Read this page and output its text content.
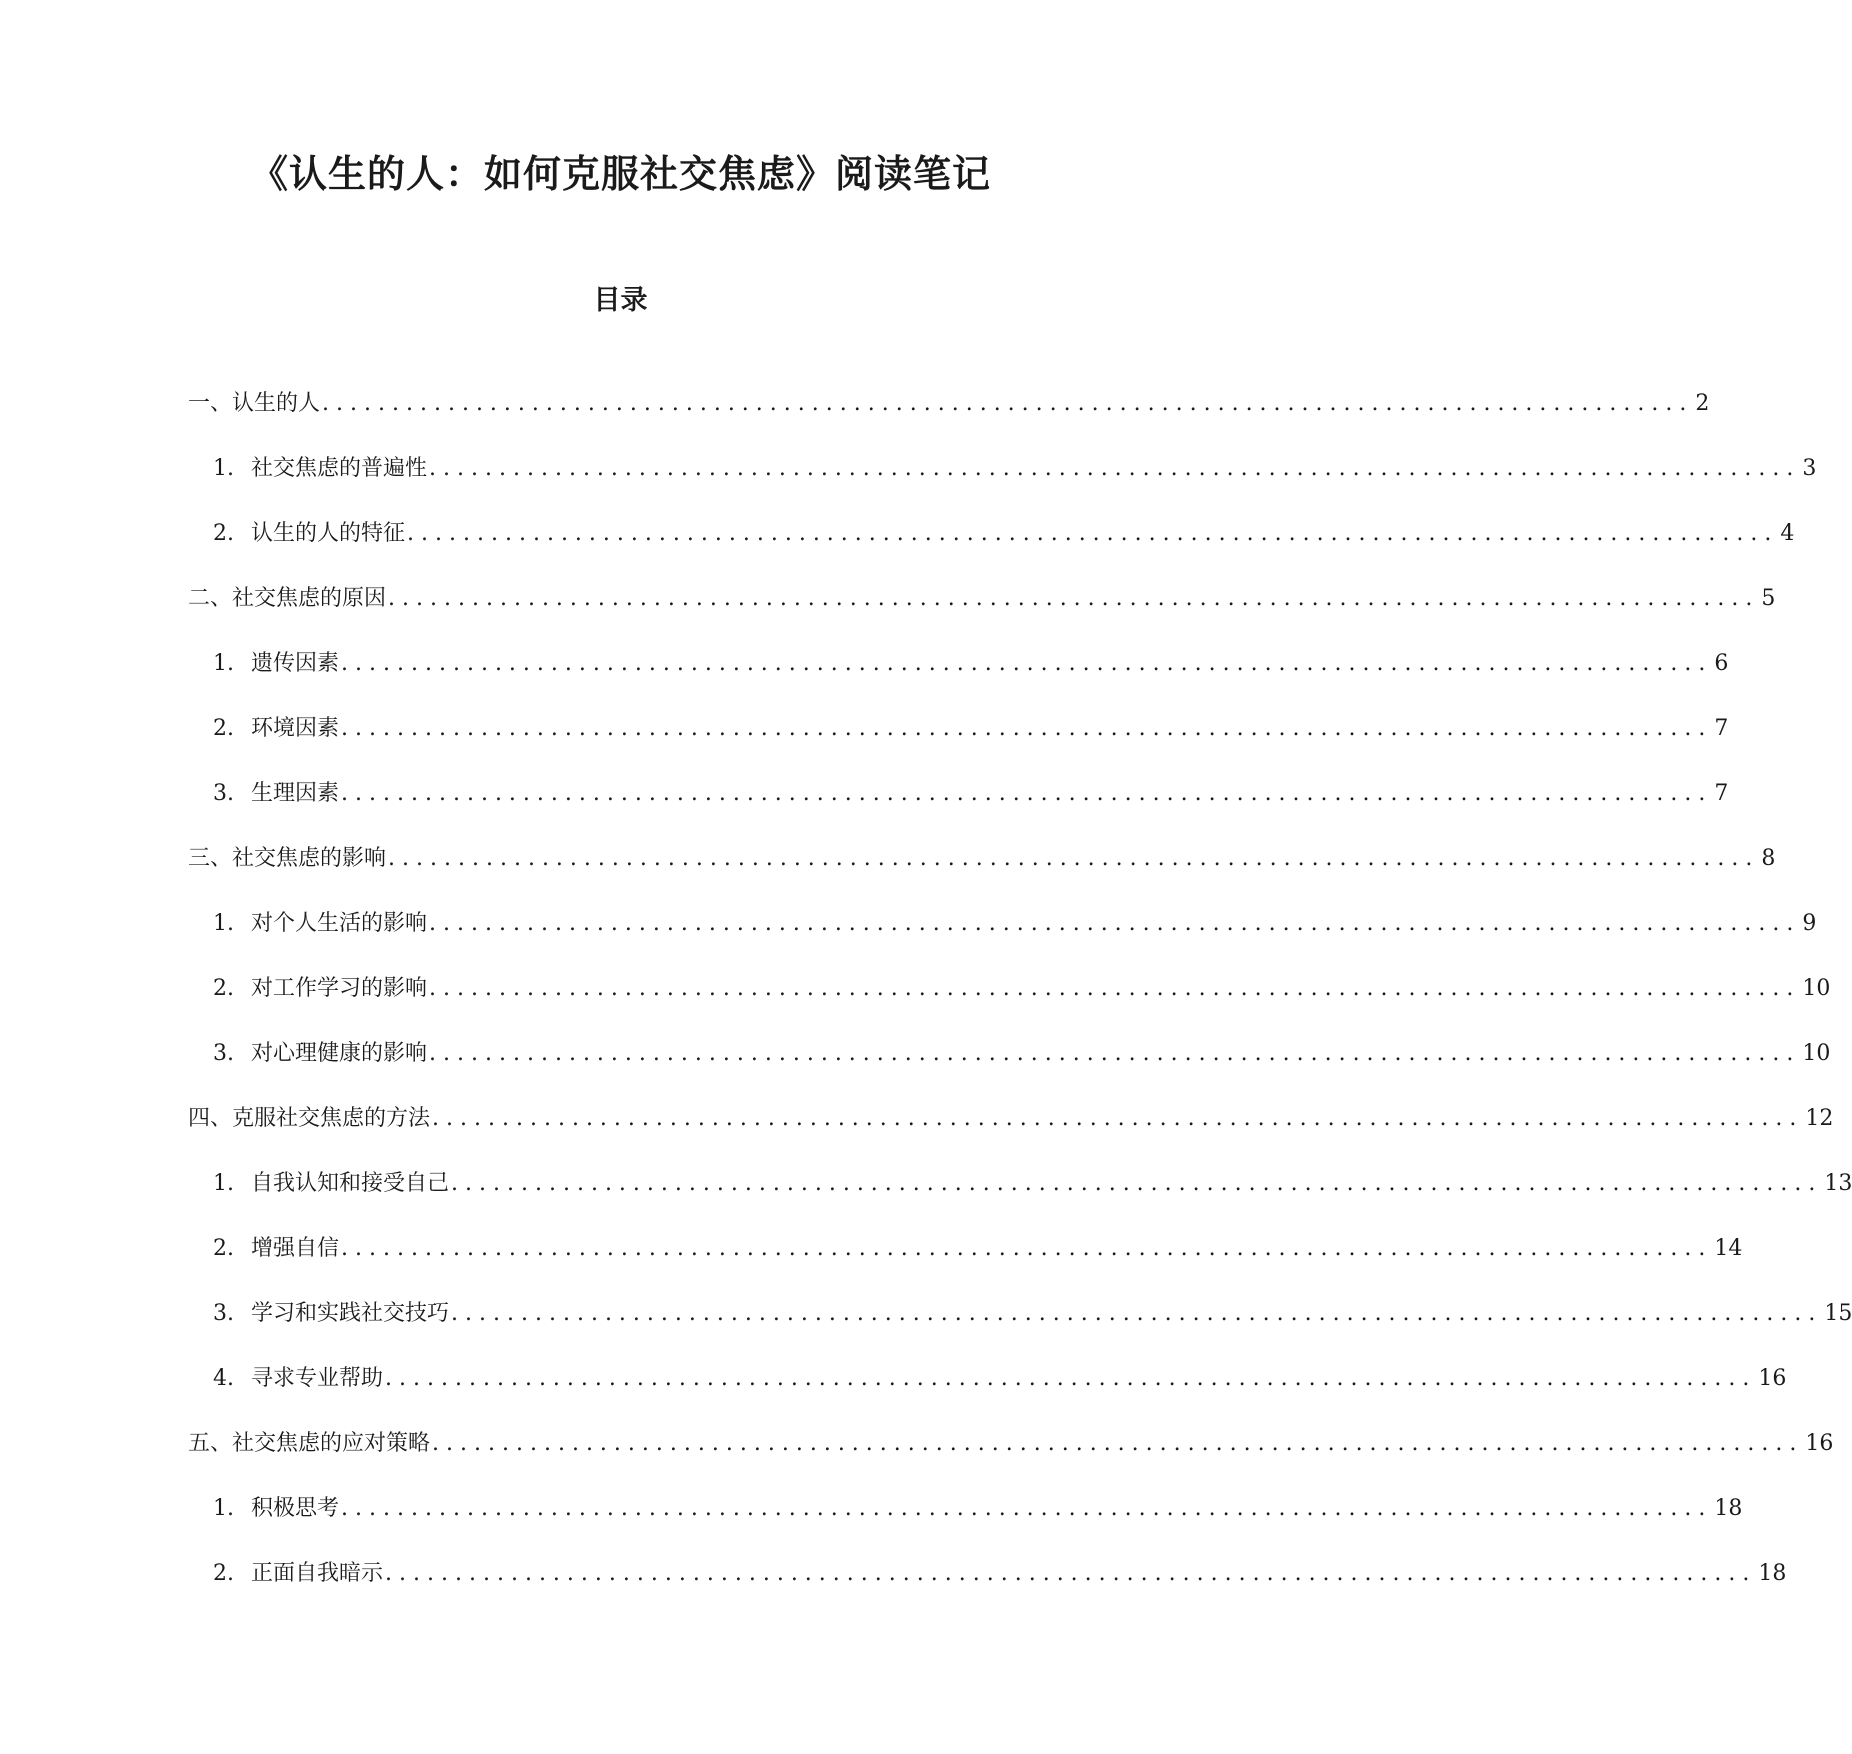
《认生的人：如何克服社交焦虑》阅读笔记
目录
一、认生的人 .................................................................................................. 2
1. 社交焦虑的普遍性 .................................................................................................. 3
2. 认生的人的特征 .................................................................................................. 4
二、社交焦虑的原因 .................................................................................................. 5
1. 遗传因素 .................................................................................................. 6
2. 环境因素 .................................................................................................. 7
3. 生理因素 .................................................................................................. 7
三、社交焦虑的影响 .................................................................................................. 8
1. 对个人生活的影响 .................................................................................................. 9
2. 对工作学习的影响 .................................................................................................. 10
3. 对心理健康的影响 .................................................................................................. 10
四、克服社交焦虑的方法 .................................................................................................. 12
1. 自我认知和接受自己 .................................................................................................. 13
2. 增强自信 .................................................................................................. 14
3. 学习和实践社交技巧 .................................................................................................. 15
4. 寻求专业帮助 .................................................................................................. 16
五、社交焦虑的应对策略 .................................................................................................. 16
1. 积极思考 .................................................................................................. 18
2. 正面自我暗示 .................................................................................................. 18
